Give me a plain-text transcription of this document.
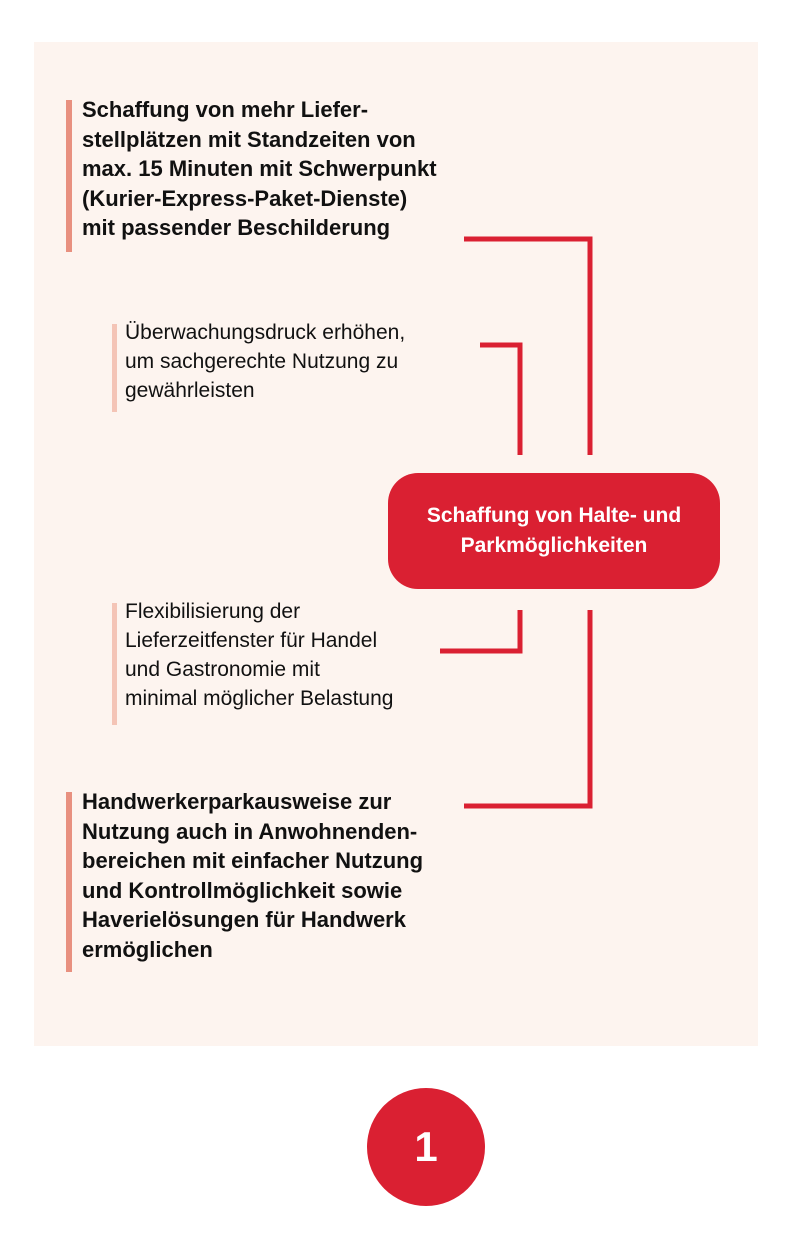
Schaffung von mehr Liefer-
stellplätzen mit Standzeiten von
max. 15 Minuten mit Schwerpunkt
(Kurier-Express-Paket-Dienste)
mit passender Beschilderung

Überwachungsdruck erhöhen,
um sachgerechte Nutzung zu
gewährleisten

Schaffung von Halte- und
Parkmöglichkeiten

Flexibilisierung der
Lieferzeitfenster für Handel
und Gastronomie mit
minimal möglicher Belastung

Handwerkerparkausweise zur
Nutzung auch in Anwohnenden-
bereichen mit einfacher Nutzung
und Kontrollmöglichkeit sowie
Haverielösungen für Handwerk
ermöglichen

1
